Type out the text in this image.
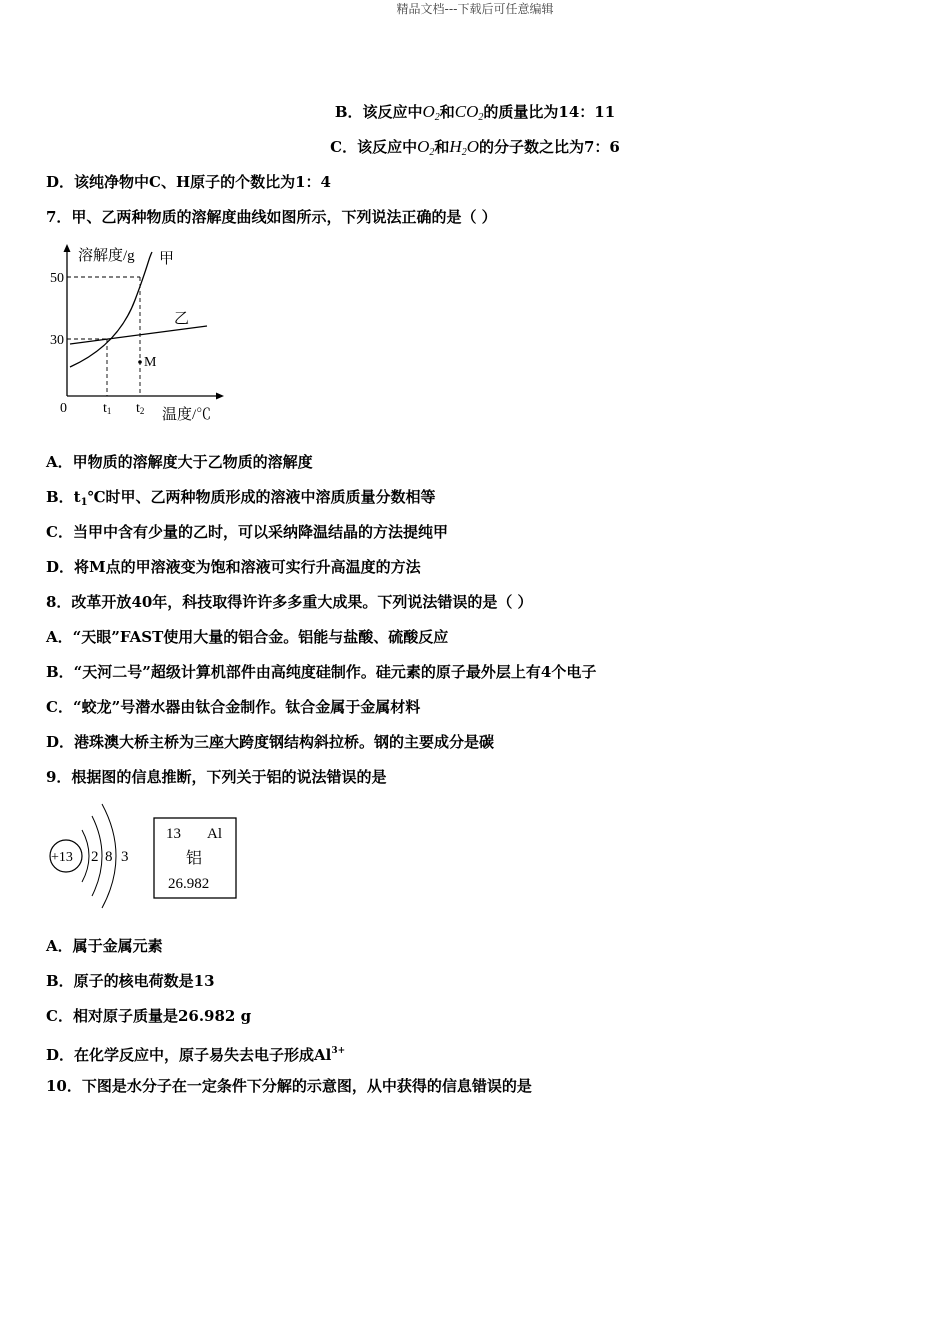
精品文档---下载后可任意编辑
B．该反应中$O_2$和$CO_2$的质量比为14：11
C．该反应中$O_2$和$H_2O$的分子数之比为7：6
D．该纯净物中C、H原子的个数比为1：4
7．甲、乙两种物质的溶解度曲线如图所示，下列说法正确的是（ ）
溶解度/g 甲
乙
M
50
30
0	t1 t2 温度/℃
A．甲物质的溶解度大于乙物质的溶解度
B．$t_1℃$时甲、乙两种物质形成的溶液中溶质质量分数相等
C．当甲中含有少量的乙时，可以采纳降温结晶的方法提纯甲
D．将M点的甲溶液变为饱和溶液可实行升高温度的方法
8．改革开放40年，科技取得许许多多重大成果。下列说法错误的是（ ）
A．“天眼”FAST使用大量的铝合金。铝能与盐酸、硫酸反应
B．“天河二号”超级计算机部件由高纯度硅制作。硅元素的原子最外层上有4个电子
C．“蛟龙”号潜水器由钛合金制作。钛合金属于金属材料
D．港珠澳大桥主桥为三座大跨度钢结构斜拉桥。钢的主要成分是碳
9．根据图的信息推断，下列关于铝的说法错误的是
+13 2 8 3
13 Al
铝
26.982
A．属于金属元素
B．原子的核电荷数是13
C．相对原子质量是26.982 g
D．在化学反应中，原子易失去电子形成$Al^{3+}$
10．下图是水分子在一定条件下分解的示意图，从中获得的信息错误的是
